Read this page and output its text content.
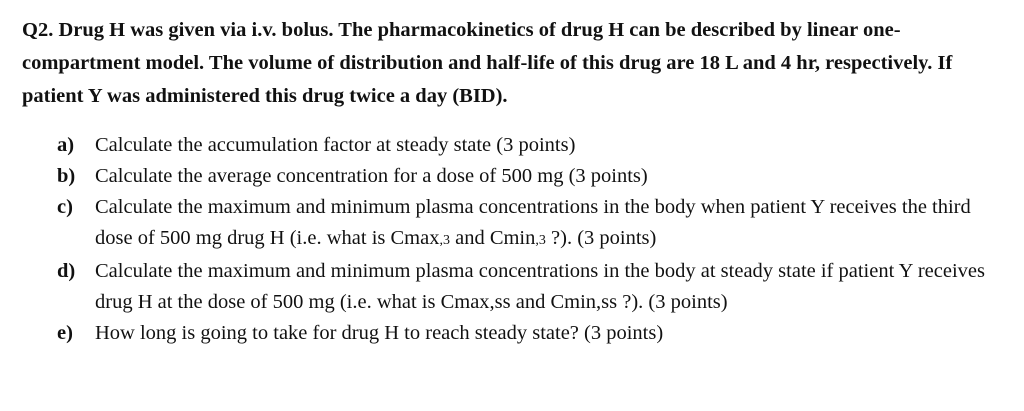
Q2. Drug H was given via i.v. bolus. The pharmacokinetics of drug H can be described by linear one-compartment model. The volume of distribution and half-life of this drug are 18 L and 4 hr, respectively. If patient Y was administered this drug twice a day (BID).
a)	Calculate the accumulation factor at steady state (3 points)
b) Calculate the average concentration for a dose of 500 mg (3 points)
c)	Calculate the maximum and minimum plasma concentrations in the body when patient Y receives the third dose of 500 mg drug H (i.e. what is Cmax,3 and Cmin,3 ?). (3 points)
d) Calculate the maximum and minimum plasma concentrations in the body at steady state if patient Y receives drug H at the dose of 500 mg (i.e. what is Cmax,ss and Cmin,ss ?). (3 points)
e)	How long is going to take for drug H to reach steady state? (3 points)
